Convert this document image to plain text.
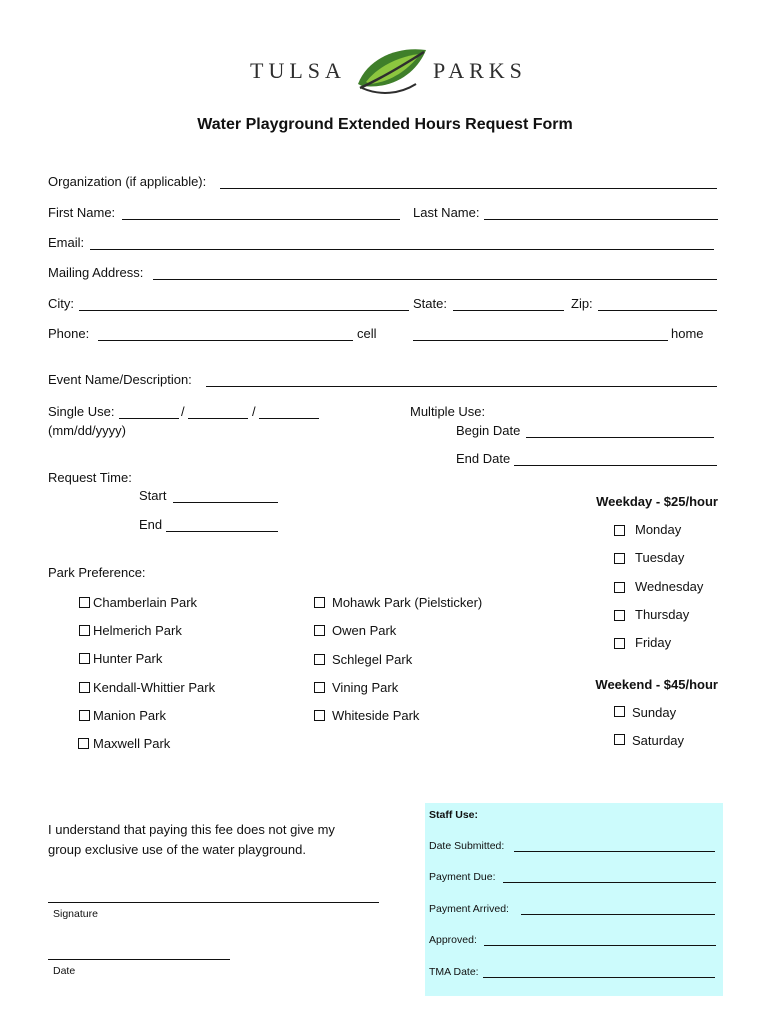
TULSA	PARKS
Water Playground Extended Hours Request Form
Organization (if applicable):
First Name:	Last Name:
Email:
Mailing Address:
City:	State:	Zip:
Phone:	cell	home
Event Name/Description:
Single Use:	/	/
(mm/dd/yyyy)
Multiple Use:
Begin Date
End Date
Request Time:
Start
End
Weekday - $25/hour
Monday
Tuesday
Wednesday
Thursday
Friday
Weekend - $45/hour
Sunday
Saturday
Park Preference:
Chamberlain Park
Helmerich Park
Hunter Park
Kendall-Whittier Park
Manion Park
Maxwell Park
Mohawk Park (Pielsticker)
Owen Park
Schlegel Park
Vining Park
Whiteside Park
I understand that paying this fee does not give my
group exclusive use of the water playground.
Signature
Date
Staff Use:
Date Submitted:
Payment Due:
Payment Arrived:
Approved:
TMA Date:
